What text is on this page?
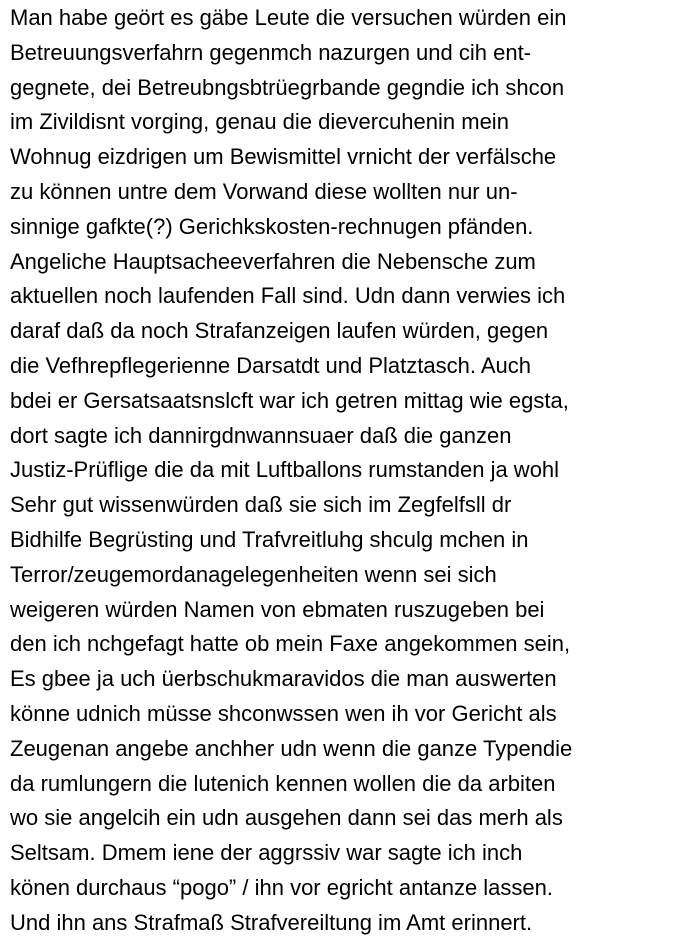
Man habe geört es gäbe Leute die versuchen würden ein
Betreuungsverfahrn gegenmch nazurgen und cih ent-
gegnete, dei Betreubngsbtrüegrbande gegndie ich shcon
im Zivildisnt vorging, genau die dievercuhenin mein
Wohnug eizdrigen um Bewismittel vrnicht der verfälsche
zu können untre dem Vorwand diese wollten nur un-
sinnige gafkte(?) Gerichkskosten-rechnugen pfänden.
Angeliche Hauptsacheeverfahren die Nebensche zum
aktuellen noch laufenden Fall sind. Udn dann verwies ich
daraf daß da noch Strafanzeigen laufen würden, gegen
die Vefhrepflegerienne Darsatdt und Platztasch. Auch
bdei er Gersatsaatsnslcft war ich getren mittag wie egsta,
dort sagte ich dannirgdnwannsuaer daß die ganzen
Justiz-Prüflige die da mit Luftballons rumstanden ja wohl
Sehr gut wissenwürden daß sie sich im Zegfelfsll dr
Bidhilfe Begrüsting und Trafvreitluhg shculg mchen in
Terror/zeugemordanagelegenheiten wenn sei sich
weigeren würden Namen von ebmaten ruszugeben bei
den ich nchgefagt hatte ob mein Faxe angekommen sein,
Es gbee ja uch üerbschukmaravidos die man auswerten
könne udnich müsse shconwssen wen ih vor Gericht als
Zeugenan angebe anchher udn wenn die ganze Typendie
da rumlungern die lutenich kennen wollen die da arbiten
wo sie angelcih ein udn ausgehen dann sei das merh als
Seltsam. Dmem iene der aggrssiv war sagte ich inch
könen durchaus “pogo” / ihn vor egricht antanze lassen.
Und ihn ans Strafmaß Strafvereiltung im Amt erinnert.
